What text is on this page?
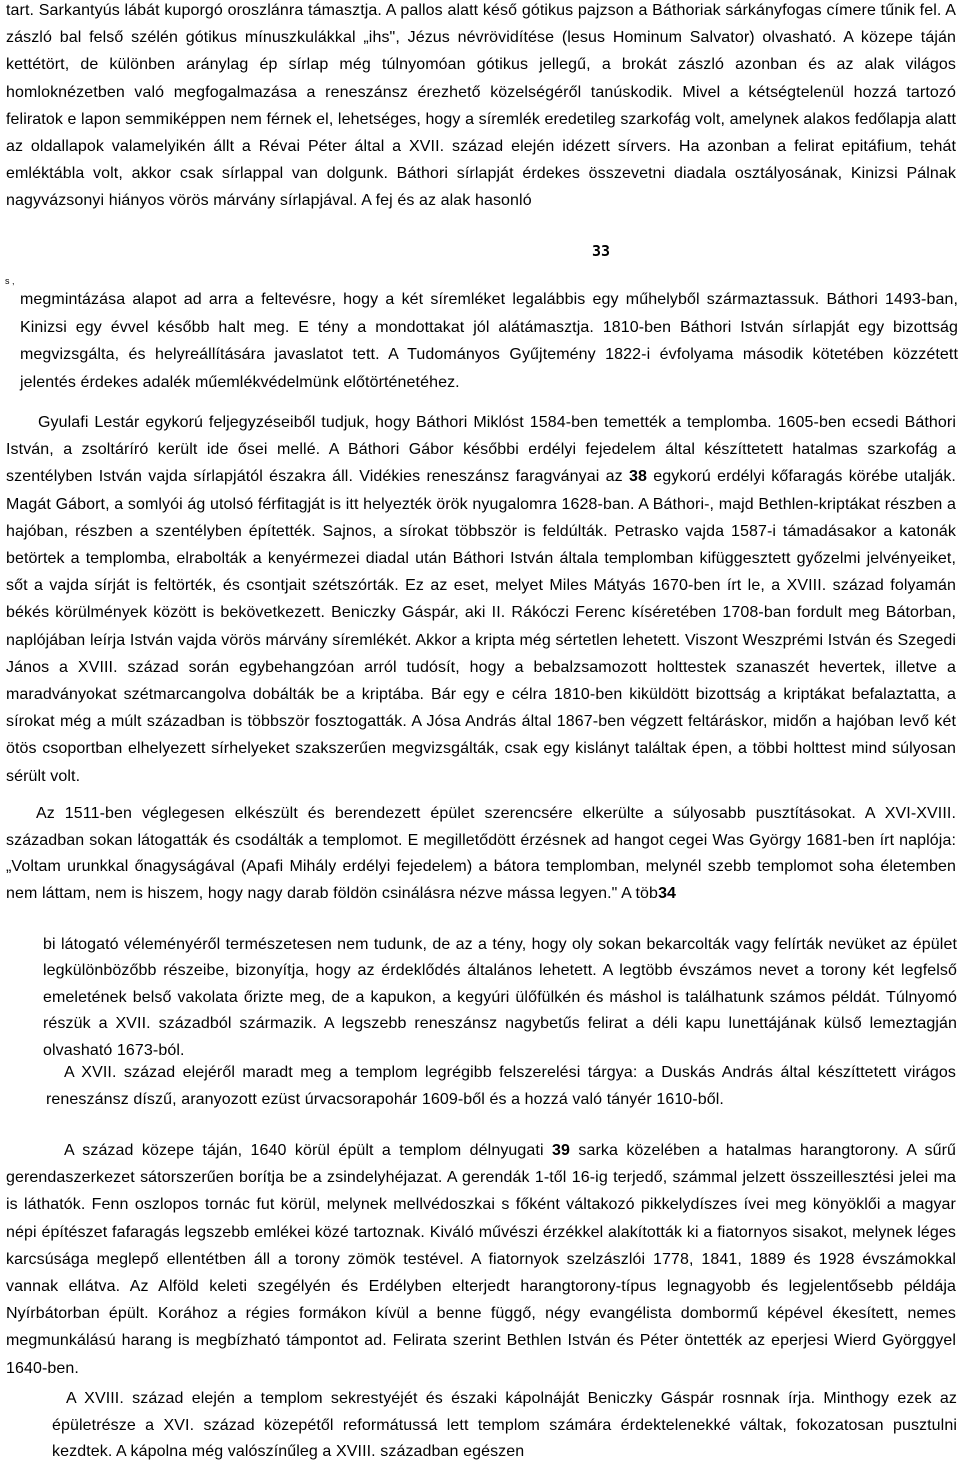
tart. Sarkantyús lábát kuporgó oroszlánra támasztja. A pallos alatt késő gótikus pajzson a Báthoriak sárkányfogas címere tűnik fel. A zászló bal felső szélén gótikus mínuszkulákkal „ihs", Jézus névrövidítése (lesus Hominum Salvator) olvasható. A közepe táján kettétört, de különben aránylag ép sírlap még túlnyomóan gótikus jellegű, a brokát zászló azonban és az alak világos homloknézetben való megfogalmazása a reneszánsz érezhető közelségéről tanúskodik. Mivel a kétségtelenül hozzá tartozó feliratok e lapon semmiképpen nem férnek el, lehetséges, hogy a síremlék eredetileg szarkofág volt, amelynek alakos fedőlapja alatt az oldallapok valamelyikén állt a Révai Péter által a XVII. század elején idézett sírvers. Ha azonban a felirat epitáfium, tehát emléktábla volt, akkor csak sírlappal van dolgunk. Báthori sírlapját érdekes összevetni diadala osztályosának, Kinizsi Pálnak nagyvázsonyi hiányos vörös márvány sírlapjával. A fej és az alak hasonló

33
s ,

megmintázása alapot ad arra a feltevésre, hogy a két síremléket legalábbis egy műhelyből származtassuk. Báthori 1493-ban, Kinizsi egy évvel később halt meg. E tény a mondottakat jól alátámasztja. 1810-ben Báthori István sírlapját egy bizottság megvizsgálta, és helyreállítására javaslatot tett. A Tudományos Gyűjtemény 1822-i évfolyama második kötetében közzétett jelentés érdekes adalék műemlékvédelmünk előtörténetéhez.

Gyulafi Lestár egykorú feljegyzéseiből tudjuk, hogy Báthori Miklóst 1584-ben temették a templomba. 1605-ben ecsedi Báthori István, a zsoltáríró került ide ősei mellé. A Báthori Gábor későbbi erdélyi fejedelem által készíttetett hatalmas szarkofág a szentélyben István vajda sírlapjától északra áll. Vidékies reneszánsz faragványai az 38 egykorú erdélyi kőfaragás körébe utalják. Magát Gábort, a somlyói ág utolsó férfitagját is itt helyezték örök nyugalomra 1628-ban. A Báthori-, majd Bethlen-kriptákat részben a hajóban, részben a szentélyben építették. Sajnos, a sírokat többször is feldúlták. Petrasko vajda 1587-i támadásakor a katonák betörtek a templomba, elrabolták a kenyérmezei diadal után Báthori István általa templomban kifüggesztett győzelmi jelvényeiket, sőt a vajda sírját is feltörték, és csontjait szétszórták. Ez az eset, melyet Miles Mátyás 1670-ben írt le, a XVIII. század folyamán békés körülmények között is bekövetkezett. Beniczky Gáspár, aki II. Rákóczi Ferenc kíséretében 1708-ban fordult meg Bátorban, naplójában leírja István vajda vörös márvány síremlékét. Akkor a kripta még sértetlen lehetett. Viszont Weszprémi István és Szegedi János a XVIII. század során egybehangzóan arról tudósít, hogy a bebalzsamozott holttestek szanaszét hevertek, illetve a maradványokat szétmarcangolva dobálták be a kriptába. Bár egy e célra 1810-ben kiküldött bizottság a kriptákat befalaztatta, a sírokat még a múlt században is többször fosztogatták. A Jósa András által 1867-ben végzett feltáráskor, midőn a hajóban levő két ötös csoportban elhelyezett sírhelyeket szakszerűen megvizsgálták, csak egy kislányt találtak épen, a többi holttest mind súlyosan sérült volt.

Az 1511-ben véglegesen elkészült és berendezett épület szerencsére elkerülte a súlyosabb pusztításokat. A XVI-XVIII. században sokan látogatták és csodálták a templomot. E megilletődött érzésnek ad hangot cegei Was György 1681-ben írt naplója: „Voltam urunkkal őnagyságával (Apafi Mihály erdélyi fejedelem) a bátora templomban, melynél szebb templomot soha életemben nem láttam, nem is hiszem, hogy nagy darab földön csinálásra nézve mássa legyen." A töb34

bi látogató véleményéről természetesen nem tudunk, de az a tény, hogy oly sokan bekarcolták vagy felírták nevüket az épület legkülönbözőbb részeibe, bizonyítja, hogy az érdeklődés általános lehetett. A legtöbb évszámos nevet a torony két legfelső emeletének belső vakolata őrizte meg, de a kapukon, a kegyúri ülőfülkén és máshol is találhatunk számos példát. Túlnyomó részük a XVII. századból származik. A legszebb reneszánsz nagybetűs felirat a déli kapu lunettájának külső lemeztagján olvasható 1673-ból.

A XVII. század elejéről maradt meg a templom legrégibb felszerelési tárgya: a Duskás András által készíttetett virágos reneszánsz díszű, aranyozott ezüst úrvacsorapohár 1609-ből és a hozzá való tányér 1610-ből.

A század közepe táján, 1640 körül épült a templom délnyugati 39 sarka közelében a hatalmas harangtorony. A sűrű gerendaszerkezet sátorszerűen borítja be a zsindelyhéjazat. A gerendák 1-től 16-ig terjedő, számmal jelzett összeillesztési jelei ma is láthatók. Fenn oszlopos tornác fut körül, melynek mellvédoszkai s főként váltakozó pikkelydíszes ívei meg könyöklői a magyar népi építészet fafaragás legszebb emlékei közé tartoznak. Kiváló művészi érzékkel alakították ki a fiatornyos sisakot, melynek léges karcsúsága meglepő ellentétben áll a torony zömök testével. A fiatornyok szelzászlói 1778, 1841, 1889 és 1928 évszámokkal vannak ellátva. Az Alföld keleti szegélyén és Erdélyben elterjedt harangtorony-típus legnagyobb és legjelentősebb példája Nyírbátorban épült. Korához a régies formákon kívül a benne függő, négy evangélista dombormű képével ékesített, nemes megmunkálású harang is megbízható támpontot ad. Felirata szerint Bethlen István és Péter öntették az eperjesi Wierd Györggyel 1640-ben.

A XVIII. század elején a templom sekrestyéjét és északi kápolnáját Beniczky Gáspár rosnnak írja. Minthogy ezek az épületrésze a XVI. század közepétől reformátussá lett templom számára érdektelenekké váltak, fokozatosan pusztulni kezdtek. A kápolna még valószínűleg a XVIII. században egészen
